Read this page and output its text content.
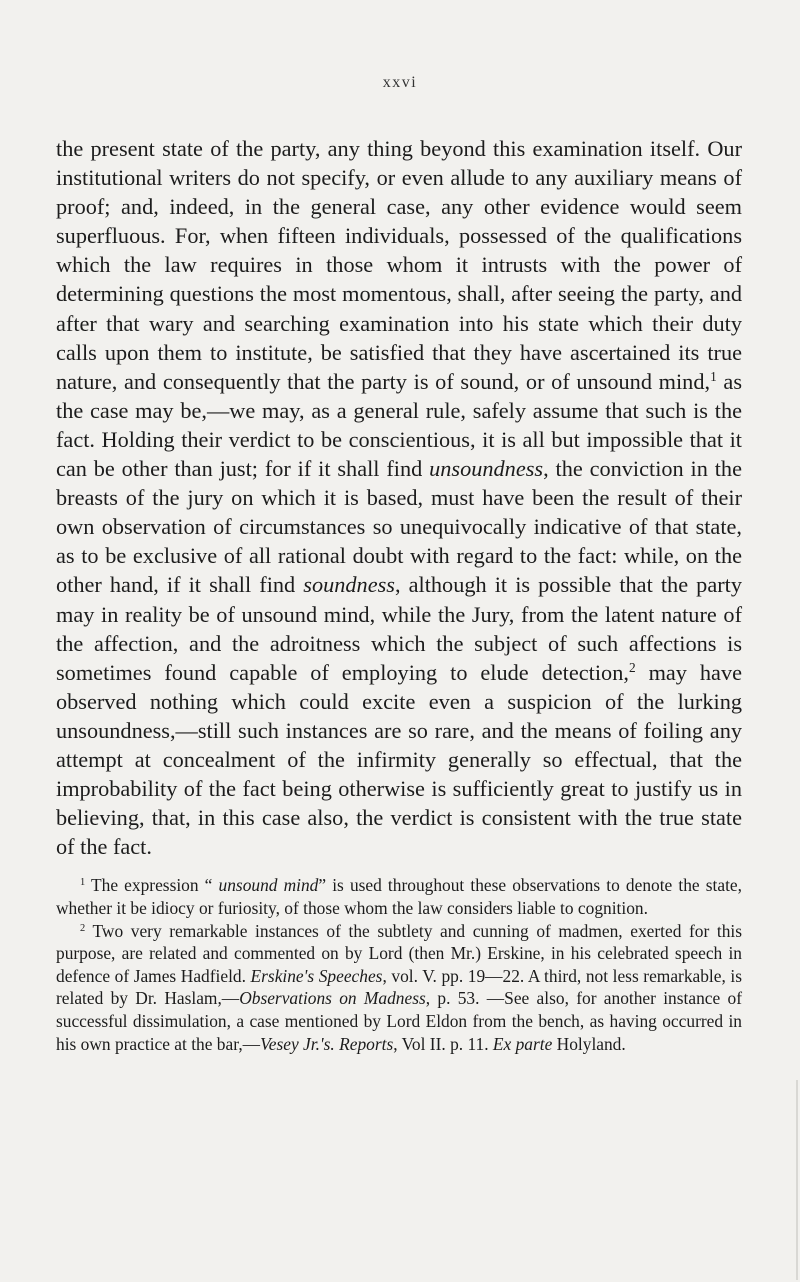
xxvi

the present state of the party, any thing beyond this examination itself. Our institutional writers do not specify, or even allude to any auxiliary means of proof; and, indeed, in the general case, any other evidence would seem superfluous. For, when fifteen individuals, possessed of the qualifications which the law requires in those whom it intrusts with the power of determining questions the most momentous, shall, after seeing the party, and after that wary and searching examination into his state which their duty calls upon them to institute, be satisfied that they have ascertained its true nature, and consequently that the party is of sound, or of unsound mind,$^1$ as the case may be,—we may, as a general rule, safely assume that such is the fact. Holding their verdict to be conscientious, it is all but impossible that it can be other than just; for if it shall find unsoundness, the conviction in the breasts of the jury on which it is based, must have been the result of their own observation of circumstances so unequivocally indicative of that state, as to be exclusive of all rational doubt with regard to the fact: while, on the other hand, if it shall find soundness, although it is possible that the party may in reality be of unsound mind, while the Jury, from the latent nature of the affection, and the adroitness which the subject of such affections is sometimes found capable of employing to elude detection,$^2$ may have observed nothing which could excite even a suspicion of the lurking unsoundness,—still such instances are so rare, and the means of foiling any attempt at concealment of the infirmity generally so effectual, that the improbability of the fact being otherwise is sufficiently great to justify us in believing, that, in this case also, the verdict is consistent with the true state of the fact.

$^1$ The expression “ unsound mind” is used throughout these observations to denote the state, whether it be idiocy or furiosity, of those whom the law considers liable to cognition.

$^2$ Two very remarkable instances of the subtlety and cunning of madmen, exerted for this purpose, are related and commented on by Lord (then Mr.) Erskine, in his celebrated speech in defence of James Hadfield. Erskine's Speeches, vol. V. pp. 19—22. A third, not less remarkable, is related by Dr. Haslam,—Observations on Madness, p. 53. —See also, for another instance of successful dissimulation, a case mentioned by Lord Eldon from the bench, as having occurred in his own practice at the bar,—Vesey Jr.'s. Reports, Vol II. p. 11. Ex parte Holyland.
